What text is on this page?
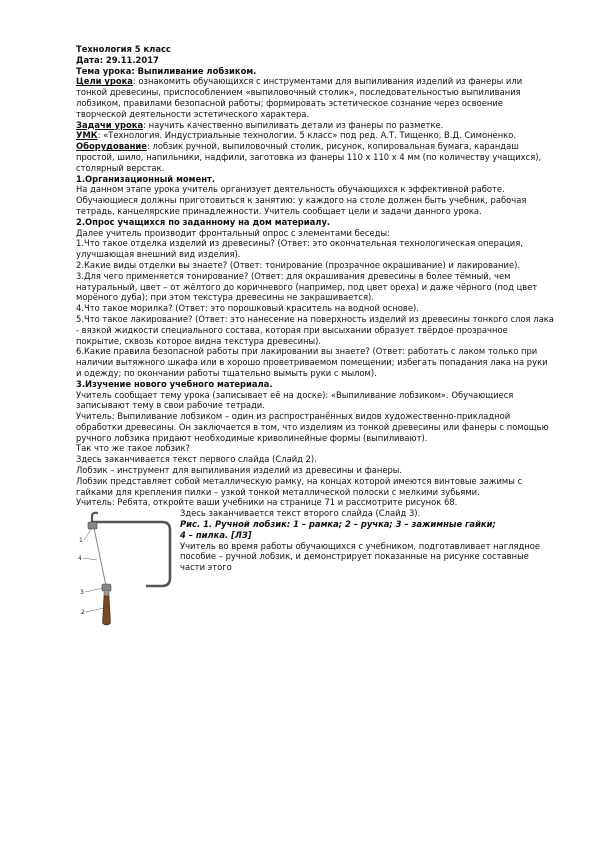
Технология 5 класс

Дата: 29.11.2017

Тема урока: Выпиливание лобзиком.

Цели урока: ознакомить обучающихся с инструментами для выпиливания изделий из фанеры или тонкой древесины, приспособлением «выпиловочный столик», последовательностью выпиливания лобзиком, правилами безопасной работы; формировать эстетическое сознание через освоение творческой деятельности эстетического характера.

Задачи урока: научить качественно выпиливать детали из фанеры по разметке.

УМК: «Технология. Индустриальные технологии. 5 класс» под ред. А.Т. Тищенко, В.Д. Симоненко.

Оборудование: лобзик ручной, выпиловочный столик, рисунок, копировальная бумага, карандаш простой, шило, напильники, надфили, заготовка из фанеры 110 x 110 x 4 мм (по количеству учащихся), столярный верстак.

1.Организационный момент.

На данном этапе урока учитель организует деятельность обучающихся к эффективной работе. Обучающиеся должны приготовиться к занятию: у каждого на столе должен быть учебник, рабочая тетрадь, канцелярские принадлежности. Учитель сообщает цели и задачи данного урока.

2.Опрос учащихся по заданному на дом материалу.

Далее учитель производит фронтальный опрос с элементами беседы:

1.Что такое отделка изделий из древесины? (Ответ: это окончательная технологическая операция, улучшающая внешний вид изделия).

2.Какие виды отделки вы знаете? (Ответ: тонирование (прозрачное окрашивание) и лакирование).

3.Для чего применяется тонирование? (Ответ: для окрашивания древесины в более тёмный, чем натуральный, цвет – от жёлтого до коричневого (например, под цвет ореха) и даже чёрного (под цвет морёного дуба); при этом текстура древесины не закрашивается).

4.Что такое морилка? (Ответ: это порошковый краситель на водной основе).

5.Что такое лакирование? (Ответ: это нанесение на поверхность изделий из древесины тонкого слоя лака - вязкой жидкости специального состава, которая при высыхании образует твёрдое прозрачное покрытие, сквозь которое видна текстура древесины).

6.Какие правила безопасной работы при лакировании вы знаете? (Ответ: работать с лаком только при наличии вытяжного шкафа или в хорошо проветриваемом помещении; избегать попадания лака на руки и одежду; по окончании работы тщательно вымыть руки с мылом).

3.Изучение нового учебного материала.

Учитель сообщает тему урока (записывает её на доске): «Выпиливание лобзиком». Обучающиеся записывают тему в свои рабочие тетради.

Учитель: Выпиливание лобзиком – один из распространённых видов художественно-прикладной обработки древесины. Он заключается в том, что изделиям из тонкой древесины или фанеры с помощью ручного лобзика придают необходимые криволинейные формы (выпиливают).

Так что же такое лобзик?

Здесь заканчивается текст первого слайда (Слайд 2).

Лобзик – инструмент для выпиливания изделий из древесины и фанеры.

Лобзик представляет собой металлическую рамку, на концах которой имеются винтовые зажимы с гайками для крепления пилки – узкой тонкой металлической полоски с мелкими зубьями.

Учитель: Ребята, откройте ваши учебники на странице 71 и рассмотрите рисунок 68.

1
4
3
2

Здесь заканчивается текст второго слайда (Слайд 3).

Рис. 1. Ручной лобзик: 1 – рамка; 2 – ручка; 3 – зажимные гайки;

4 – пилка. [ЛЗ]

Учитель во время работы обучающихся с учебником, подготавливает наглядное пособие – ручной лобзик, и демонстрирует показанные на рисунке составные части этого
